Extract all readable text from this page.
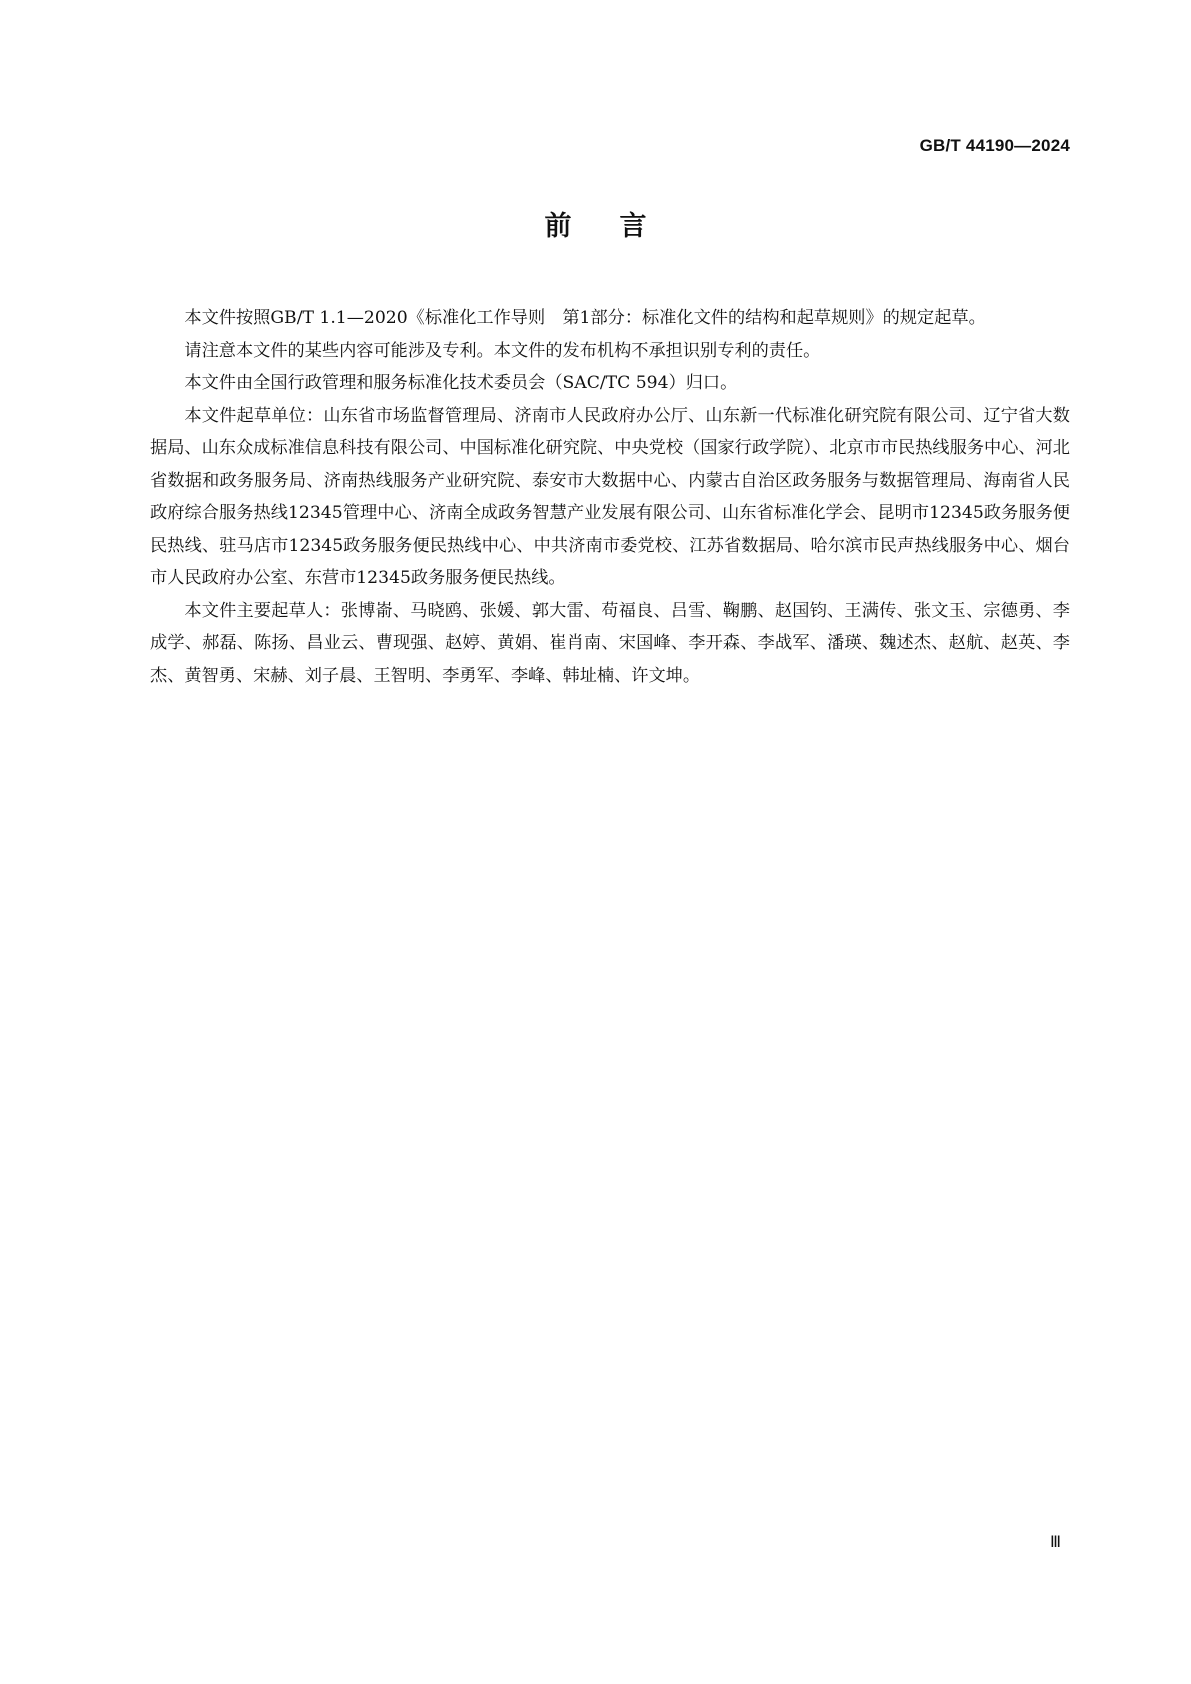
GB/T 44190—2024
前言

本文件按照GB/T 1.1—2020《标准化工作导则　第1部分：标准化文件的结构和起草规则》的规定起草。

请注意本文件的某些内容可能涉及专利。本文件的发布机构不承担识别专利的责任。

本文件由全国行政管理和服务标准化技术委员会（SAC/TC 594）归口。

本文件起草单位：山东省市场监督管理局、济南市人民政府办公厅、山东新一代标准化研究院有限公司、辽宁省大数据局、山东众成标准信息科技有限公司、中国标准化研究院、中央党校（国家行政学院）、北京市市民热线服务中心、河北省数据和政务服务局、济南热线服务产业研究院、泰安市大数据中心、内蒙古自治区政务服务与数据管理局、海南省人民政府综合服务热线12345管理中心、济南全成政务智慧产业发展有限公司、山东省标准化学会、昆明市12345政务服务便民热线、驻马店市12345政务服务便民热线中心、中共济南市委党校、江苏省数据局、哈尔滨市民声热线服务中心、烟台市人民政府办公室、东营市12345政务服务便民热线。

本文件主要起草人：张博嵛、马晓鸥、张媛、郭大雷、苟福良、吕雪、鞠鹏、赵国钧、王满传、张文玉、宗德勇、李成学、郝磊、陈扬、昌业云、曹现强、赵婷、黄娟、崔肖南、宋国峰、李开森、李战军、潘瑛、魏述杰、赵航、赵英、李杰、黄智勇、宋赫、刘子晨、王智明、李勇军、李峰、韩址楠、许文坤。

Ⅲ
